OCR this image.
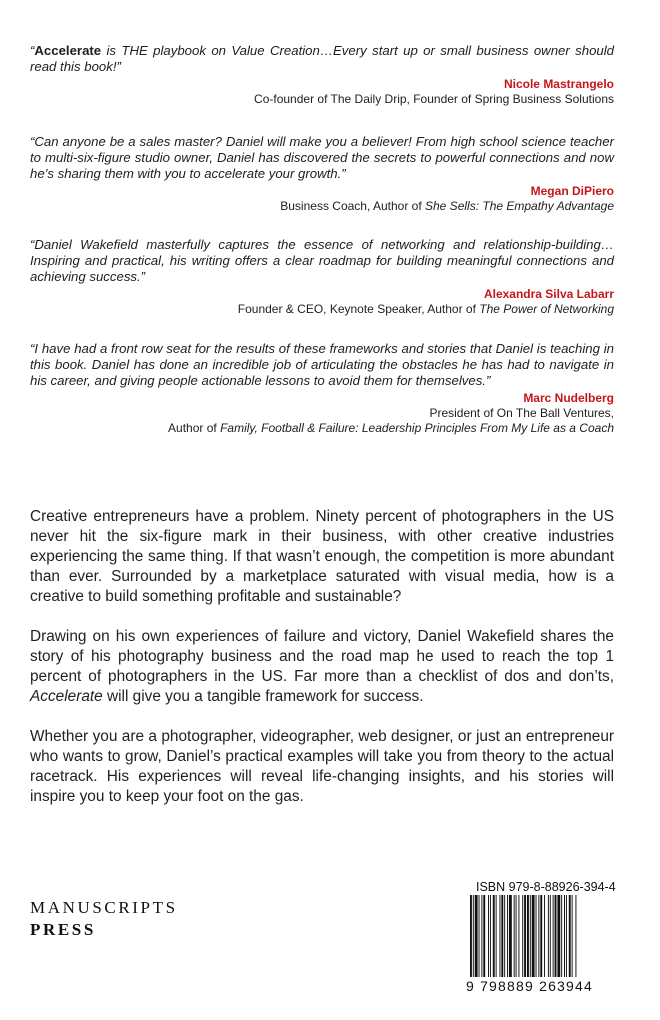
“Accelerate is THE playbook on Value Creation…Every start up or small business owner should read this book!”

Nicole Mastrangelo
Co-founder of The Daily Drip, Founder of Spring Business Solutions

“Can anyone be a sales master? Daniel will make you a believer! From high school science teacher to multi-six-figure studio owner, Daniel has discovered the secrets to powerful connections and now he’s sharing them with you to accelerate your growth.”

Megan DiPiero
Business Coach, Author of She Sells: The Empathy Advantage

“Daniel Wakefield masterfully captures the essence of networking and relationship-building…Inspiring and practical, his writing offers a clear roadmap for building meaningful connections and achieving success.”

Alexandra Silva Labarr
Founder & CEO, Keynote Speaker, Author of The Power of Networking

“I have had a front row seat for the results of these frameworks and stories that Daniel is teaching in this book. Daniel has done an incredible job of articulating the obstacles he has had to navigate in his career, and giving people actionable lessons to avoid them for themselves.”

Marc Nudelberg
President of On The Ball Ventures,
Author of Family, Football & Failure: Leadership Principles From My Life as a Coach

Creative entrepreneurs have a problem. Ninety percent of photographers in the US never hit the six-figure mark in their business, with other creative industries experiencing the same thing. If that wasn’t enough, the competition is more abundant than ever. Surrounded by a marketplace saturated with visual media, how is a creative to build something profitable and sustainable?

Drawing on his own experiences of failure and victory, Daniel Wakefield shares the story of his photography business and the road map he used to reach the top 1 percent of photographers in the US. Far more than a checklist of dos and don’ts, Accelerate will give you a tangible framework for success.

Whether you are a photographer, videographer, web designer, or just an entrepreneur who wants to grow, Daniel’s practical examples will take you from theory to the actual racetrack. His experiences will reveal life-changing insights, and his stories will inspire you to keep your foot on the gas.

MANUSCRIPTS
PRESS
ISBN 979-8-88926-394-4
9 798889 263944
